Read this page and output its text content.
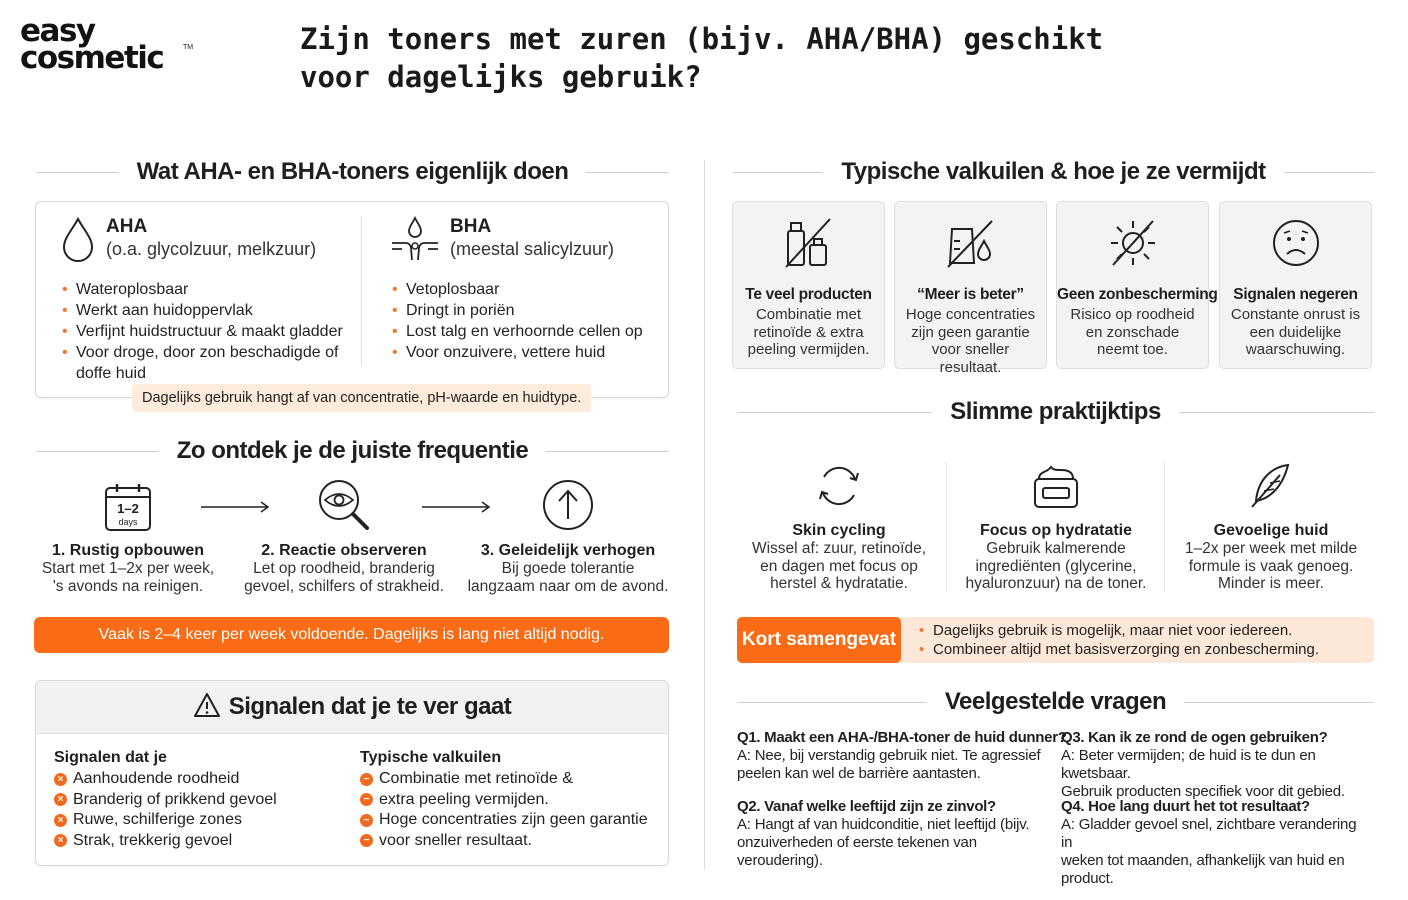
easy
cosmetic	TM	Zijn toners met zuren (bijv. AHA/BHA) geschikt voor dagelijks gebruik?
Wat AHA- en BHA-toners eigenlijk doen
AHA
(o.a. glycolzuur, melkzuur)
• Wateroplosbaar
• Werkt aan huidoppervlak
• Verfijnt huidstructuur & maakt gladder
• Voor droge, door zon beschadigde of doffe huid
BHA
(meestal salicylzuur)
• Vetoplosbaar
• Dringt in poriën
• Lost talg en verhoornde cellen op
• Voor onzuivere, vettere huid
Dagelijks gebruik hangt af van concentratie, pH-waarde en huidtype.
Zo ontdek je de juiste frequentie
1–2
days
1. Rustig opbouwen
Start met 1–2x per week,
's avonds na reinigen.
2. Reactie observeren
Let op roodheid, branderig
gevoel, schilfers of strakheid.
3. Geleidelijk verhogen
Bij goede tolerantie
langzaam naar om de avond.
Vaak is 2–4 keer per week voldoende. Dagelijks is lang niet altijd nodig.
Signalen dat je te ver gaat
Signalen dat je
× Aanhoudende roodheid
× Branderig of prikkend gevoel
× Ruwe, schilferige zones
× Strak, trekkerig gevoel
Typische valkuilen
− Combinatie met retinoïde &
− extra peeling vermijden.
− Hoge concentraties zijn geen garantie
− voor sneller resultaat.
Typische valkuilen & hoe je ze vermijdt
Te veel producten
Combinatie met
retinoïde & extra
peeling vermijden.
“Meer is beter”
Hoge concentraties
zijn geen garantie
voor sneller resultaat.
Geen zonbescherming
Risico op roodheid
en zonschade
neemt toe.
Signalen negeren
Constante onrust is
een duidelijke
waarschuwing.
Slimme praktijktips
Skin cycling
Wissel af: zuur, retinoïde,
en dagen met focus op
herstel & hydratatie.
Focus op hydratatie
Gebruik kalmerende
ingrediënten (glycerine,
hyaluronzuur) na de toner.
Gevoelige huid
1–2x per week met milde
formule is vaak genoeg.
Minder is meer.
Kort samengevat
•	Dagelijks gebruik is mogelijk, maar niet voor iedereen.
• Combineer altijd met basisverzorging en zonbescherming.
Veelgestelde vragen
Q1. Maakt een AHA-/BHA-toner de huid dunner?
A: Nee, bij verstandig gebruik niet. Te agressief
peelen kan wel de barrière aantasten.
Q2. Vanaf welke leeftijd zijn ze zinvol?
A: Hangt af van huidconditie, niet leeftijd (bijv.
onzuiverheden of eerste tekenen van
veroudering).
Q3. Kan ik ze rond de ogen gebruiken?
A: Beter vermijden; de huid is te dun en kwetsbaar.
Gebruik producten specifiek voor dit gebied.
Q4. Hoe lang duurt het tot resultaat?
A: Gladder gevoel snel, zichtbare verandering in
weken tot maanden, afhankelijk van huid en
product.
